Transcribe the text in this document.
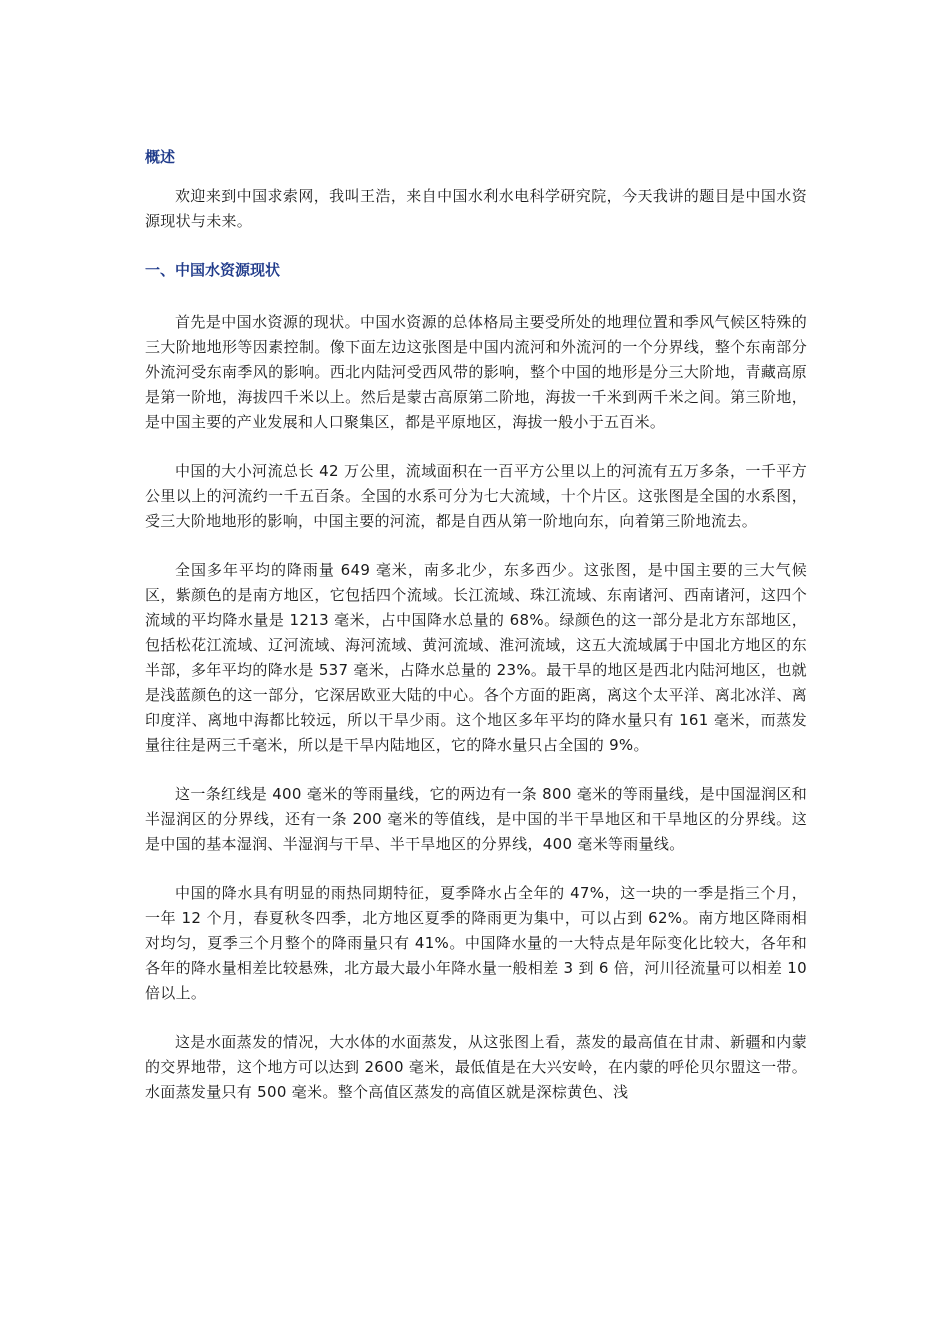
概述

欢迎来到中国求索网，我叫王浩，来自中国水利水电科学研究院，今天我讲的题目是中国水资源现状与未来。

一、中国水资源现状

首先是中国水资源的现状。中国水资源的总体格局主要受所处的地理位置和季风气候区特殊的三大阶地地形等因素控制。像下面左边这张图是中国内流河和外流河的一个分界线，整个东南部分外流河受东南季风的影响。西北内陆河受西风带的影响，整个中国的地形是分三大阶地，青藏高原是第一阶地，海拔四千米以上。然后是蒙古高原第二阶地，海拔一千米到两千米之间。第三阶地，是中国主要的产业发展和人口聚集区，都是平原地区，海拔一般小于五百米。

中国的大小河流总长 42 万公里，流域面积在一百平方公里以上的河流有五万多条，一千平方公里以上的河流约一千五百条。全国的水系可分为七大流域，十个片区。这张图是全国的水系图，受三大阶地地形的影响，中国主要的河流，都是自西从第一阶地向东，向着第三阶地流去。

全国多年平均的降雨量 649 毫米，南多北少，东多西少。这张图，是中国主要的三大气候区，紫颜色的是南方地区，它包括四个流域。长江流域、珠江流域、东南诸河、西南诸河，这四个流域的平均降水量是 1213 毫米，占中国降水总量的 68%。绿颜色的这一部分是北方东部地区，包括松花江流域、辽河流域、海河流域、黄河流域、淮河流域，这五大流域属于中国北方地区的东半部，多年平均的降水是 537 毫米，占降水总量的 23%。最干旱的地区是西北内陆河地区，也就是浅蓝颜色的这一部分，它深居欧亚大陆的中心。各个方面的距离，离这个太平洋、离北冰洋、离印度洋、离地中海都比较远，所以干旱少雨。这个地区多年平均的降水量只有 161 毫米，而蒸发量往往是两三千毫米，所以是干旱内陆地区，它的降水量只占全国的 9%。

这一条红线是 400 毫米的等雨量线，它的两边有一条 800 毫米的等雨量线，是中国湿润区和半湿润区的分界线，还有一条 200 毫米的等值线，是中国的半干旱地区和干旱地区的分界线。这是中国的基本湿润、半湿润与干旱、半干旱地区的分界线，400 毫米等雨量线。

中国的降水具有明显的雨热同期特征，夏季降水占全年的 47%，这一块的一季是指三个月，一年 12 个月，春夏秋冬四季，北方地区夏季的降雨更为集中，可以占到 62%。南方地区降雨相对均匀，夏季三个月整个的降雨量只有 41%。中国降水量的一大特点是年际变化比较大，各年和各年的降水量相差比较悬殊，北方最大最小年降水量一般相差 3 到 6 倍，河川径流量可以相差 10 倍以上。

这是水面蒸发的情况，大水体的水面蒸发，从这张图上看，蒸发的最高值在甘肃、新疆和内蒙的交界地带，这个地方可以达到 2600 毫米，最低值是在大兴安岭，在内蒙的呼伦贝尔盟这一带。水面蒸发量只有 500 毫米。整个高值区蒸发的高值区就是深棕黄色、浅
